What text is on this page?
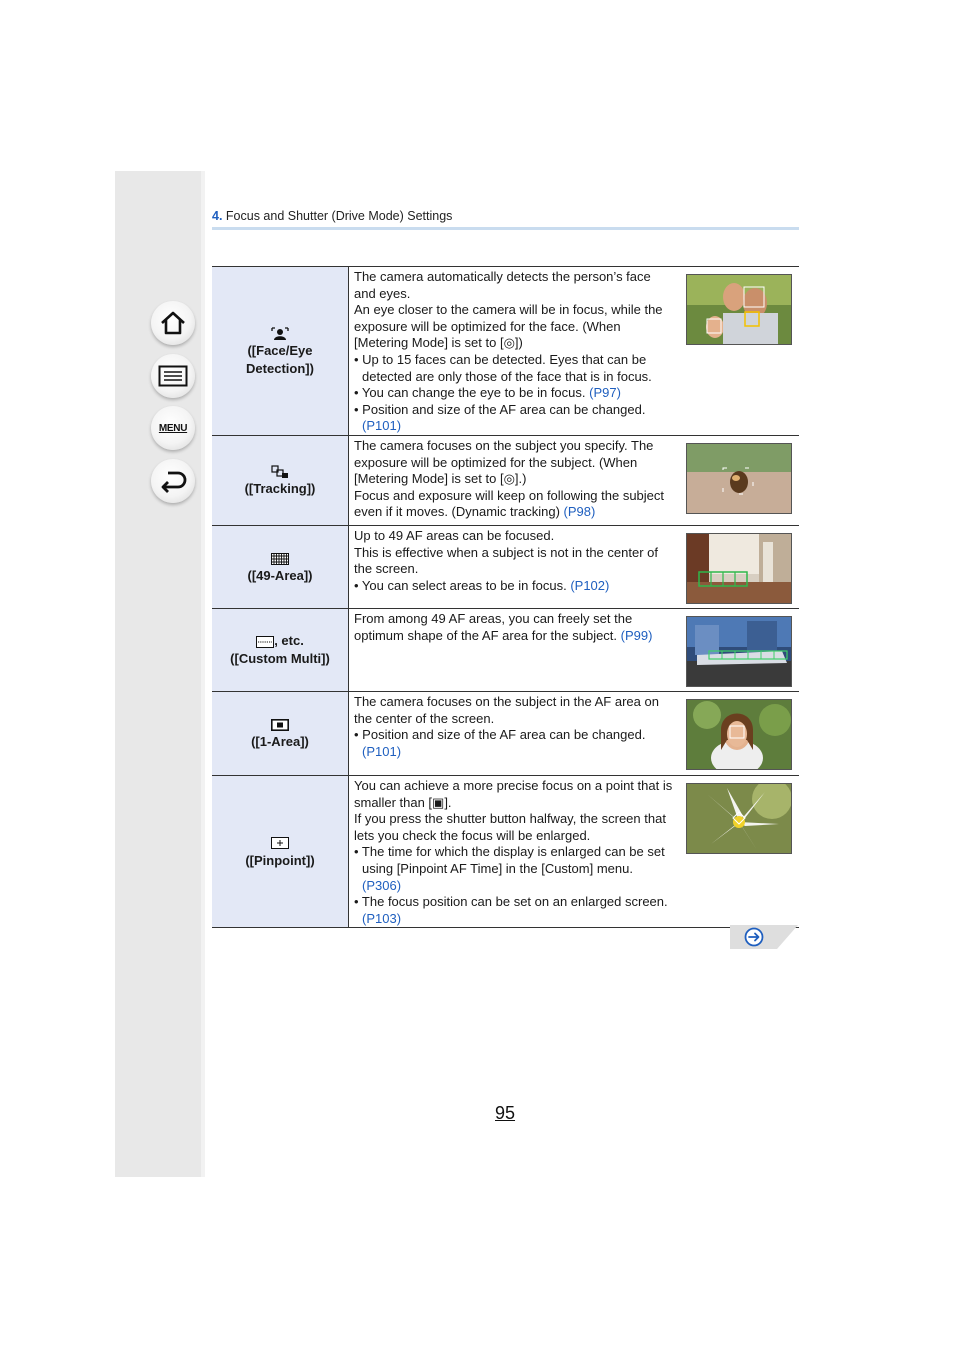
MENU
4. Focus and Shutter (Drive Mode) Settings

([Face/Eye Detection])	The camera automatically detects the person’s face and eyes.

An eye closer to the camera will be in focus, while the exposure will be optimized for the face. (When [Metering Mode] is set to [◎])

• Up to 15 faces can be detected. Eyes that can be detected are only those of the face that is in focus.

• You can change the eye to be in focus. (P97)

• Position and size of the AF area can be changed. (P101)

([Tracking])	The camera focuses on the subject you specify. The exposure will be optimized for the subject. (When [Metering Mode] is set to [◎].)

Focus and exposure will keep on following the subject even if it moves. (Dynamic tracking) (P98)

([49-Area])	Up to 49 AF areas can be focused.

This is effective when a subject is not in the center of the screen.

• You can select areas to be in focus. (P102)

, etc.
([Custom Multi])	From among 49 AF areas, you can freely set the optimum shape of the AF area for the subject. (P99)

([1-Area])	The camera focuses on the subject in the AF area on the center of the screen.

• Position and size of the AF area can be changed. (P101)

([Pinpoint])	You can achieve a more precise focus on a point that is smaller than [▣].

If you press the shutter button halfway, the screen that lets you check the focus will be enlarged.

• The time for which the display is enlarged can be set using [Pinpoint AF Time] in the [Custom] menu. (P306)

• The focus position can be set on an enlarged screen. (P103)

95
